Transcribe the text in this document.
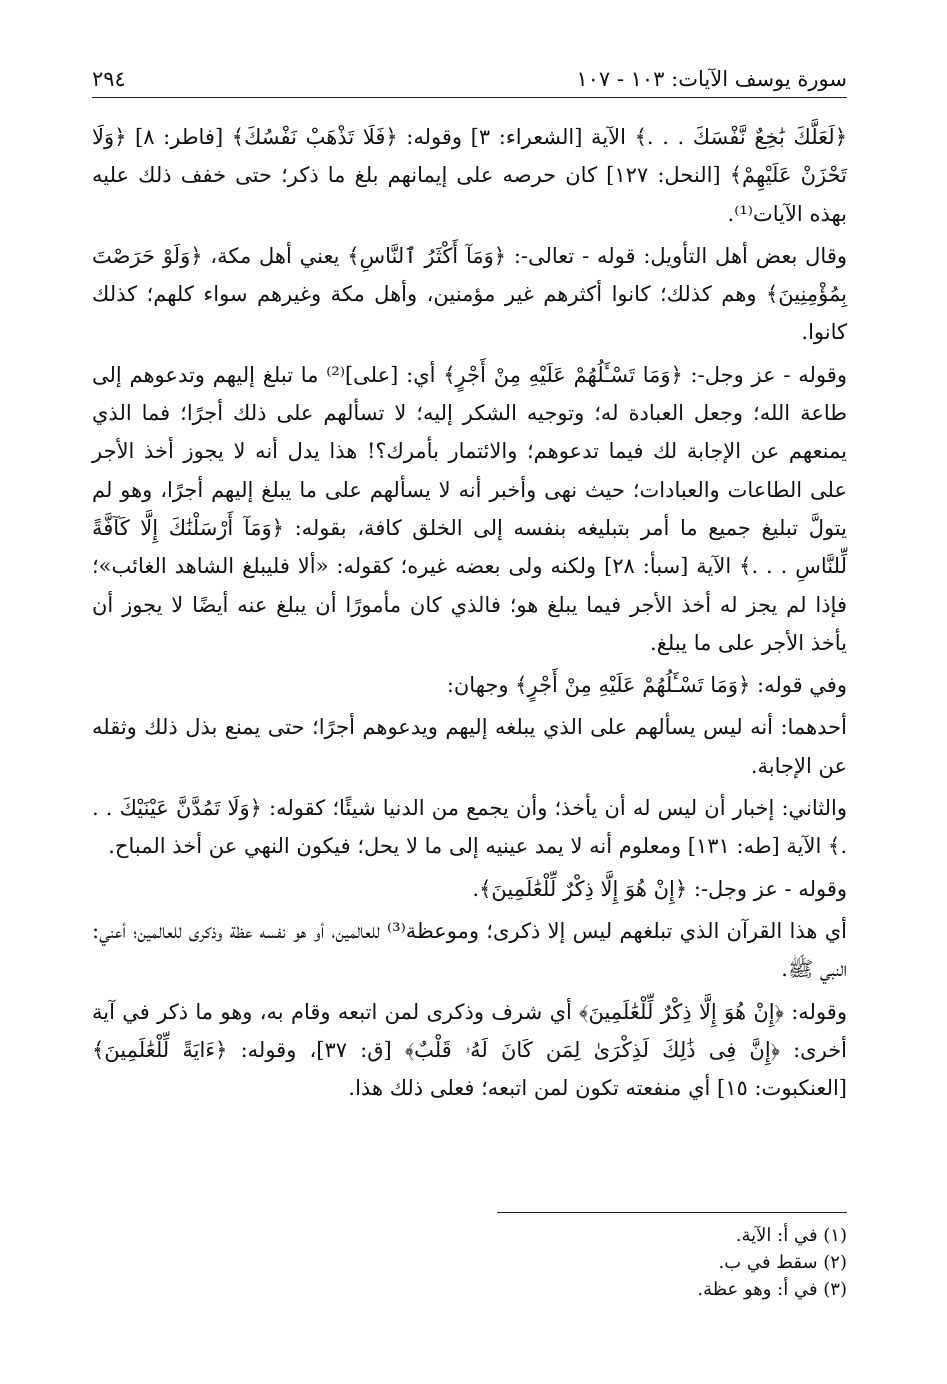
سورة يوسف الآيات: ١٠٣ - ١٠٧
٢٩٤

﴿لَعَلَّكَ بَٰخِعٌ نَّفْسَكَ . . .﴾ الآية [الشعراء: ٣] وقوله: ﴿فَلَا تَذْهَبْ نَفْسُكَ﴾ [فاطر: ٨] ﴿وَلَا تَحْزَنْ عَلَيْهِمْ﴾ [النحل: ١٢٧] كان حرصه على إيمانهم بلغ ما ذكر؛ حتى خفف ذلك عليه بهذه الآيات⁽¹⁾.

وقال بعض أهل التأويل: قوله - تعالى-: ﴿وَمَآ أَكْثَرُ ٱلنَّاسِ﴾ يعني أهل مكة، ﴿وَلَوْ حَرَصْتَ بِمُؤْمِنِينَ﴾ وهم كذلك؛ كانوا أكثرهم غير مؤمنين، وأهل مكة وغيرهم سواء كلهم؛ كذلك كانوا.

وقوله - عز وجل-: ﴿وَمَا تَسْـَٔلُهُمْ عَلَيْهِ مِنْ أَجْرٍ﴾ أي: [على]⁽²⁾ ما تبلغ إليهم وتدعوهم إلى طاعة الله؛ وجعل العبادة له؛ وتوجيه الشكر إليه؛ لا تسألهم على ذلك أجرًا؛ فما الذي يمنعهم عن الإجابة لك فيما تدعوهم؛ والائتمار بأمرك؟! هذا يدل أنه لا يجوز أخذ الأجر على الطاعات والعبادات؛ حيث نهى وأخبر أنه لا يسألهم على ما يبلغ إليهم أجرًا، وهو لم يتولَّ تبليغ جميع ما أمر بتبليغه بنفسه إلى الخلق كافة، بقوله: ﴿وَمَآ أَرْسَلْنَٰكَ إِلَّا كَآفَّةً لِّلنَّاسِ . . .﴾ الآية [سبأ: ٢٨] ولكنه ولى بعضه غيره؛ كقوله: «ألا فليبلغ الشاهد الغائب»؛ فإذا لم يجز له أخذ الأجر فيما يبلغ هو؛ فالذي كان مأمورًا أن يبلغ عنه أيضًا لا يجوز أن يأخذ الأجر على ما يبلغ.

وفي قوله: ﴿وَمَا تَسْـَٔلُهُمْ عَلَيْهِ مِنْ أَجْرٍ﴾ وجهان:

أحدهما: أنه ليس يسألهم على الذي يبلغه إليهم ويدعوهم أجرًا؛ حتى يمنع بذل ذلك وثقله عن الإجابة.

والثاني: إخبار أن ليس له أن يأخذ؛ وأن يجمع من الدنيا شيئًا؛ كقوله: ﴿وَلَا تَمُدَّنَّ عَيْنَيْكَ . . .﴾ الآية [طه: ١٣١] ومعلوم أنه لا يمد عينيه إلى ما لا يحل؛ فيكون النهي عن أخذ المباح.

وقوله - عز وجل-: ﴿إِنْ هُوَ إِلَّا ذِكْرٌ لِّلْعَٰلَمِينَ﴾.

أي هذا القرآن الذي تبلغهم ليس إلا ذكرى؛ وموعظة⁽³⁾ للعالمين، أو هو نفسه عظة وذكرى للعالمين؛ أعني: النبي ﷺ.

وقوله: ﴿إِنْ هُوَ إِلَّا ذِكْرٌ لِّلْعَٰلَمِينَ﴾ أي شرف وذكرى لمن اتبعه وقام به، وهو ما ذكر في آية أخرى: ﴿إِنَّ فِى ذَٰلِكَ لَذِكْرَىٰ لِمَن كَانَ لَهُۥ قَلْبٌ﴾ [ق: ٣٧]، وقوله: ﴿ءَايَةً لِّلْعَٰلَمِينَ﴾ [العنكبوت: ١٥] أي منفعته تكون لمن اتبعه؛ فعلى ذلك هذا.

(١) في أ: الآية.
(٢) سقط في ب.
(٣) في أ: وهو عظة.
